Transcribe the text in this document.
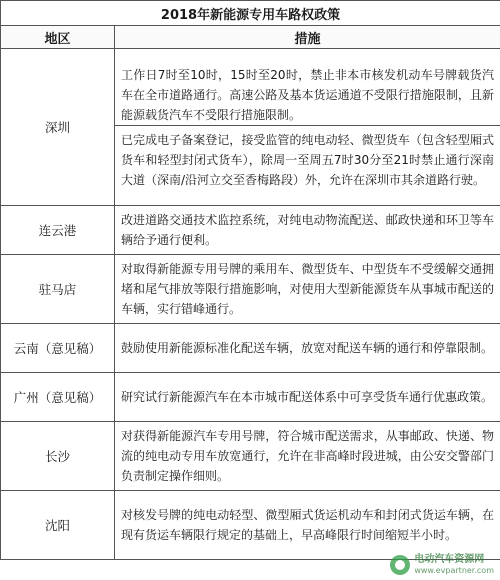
2018年新能源专用车路权政策	
地区	措施
深圳	工作日7时至10时，15时至20时，禁止非本市核发机动车号牌载货汽车在全市道路通行。高速公路及基本货运通道不受限行措施限制，且新能源载货汽车不受限行措施限制。
已完成电子备案登记，接受监管的纯电动轻、微型货车（包含轻型厢式货车和轻型封闭式货车），除周一至周五7时30分至21时禁止通行深南大道（深南/沿河立交至香梅路段）外，允许在深圳市其余道路行驶。

连云港	改进道路交通技术监控系统，对纯电动物流配送、邮政快递和环卫等车辆给予通行便利。

驻马店	对取得新能源专用号牌的乘用车、微型货车、中型货车不受缓解交通拥堵和尾气排放等限行措施影响，对使用大型新能源货车从事城市配送的车辆，实行错峰通行。

云南（意见稿）	鼓励使用新能源标准化配送车辆，放宽对配送车辆的通行和停靠限制。

广州（意见稿）	研究试行新能源汽车在本市城市配送体系中可享受货车通行优惠政策。

长沙	对获得新能源汽车专用号牌，符合城市配送需求，从事邮政、快递、物流的纯电动专用车放宽通行，允许在非高峰时段进城，由公安交警部门负责制定操作细则。

沈阳	对核发号牌的纯电动轻型、微型厢式货运机动车和封闭式货运车辆，在现有货运车辆限行规定的基础上，早高峰限行时间缩短半小时。
电动汽车资源网
www.evpartner.com
